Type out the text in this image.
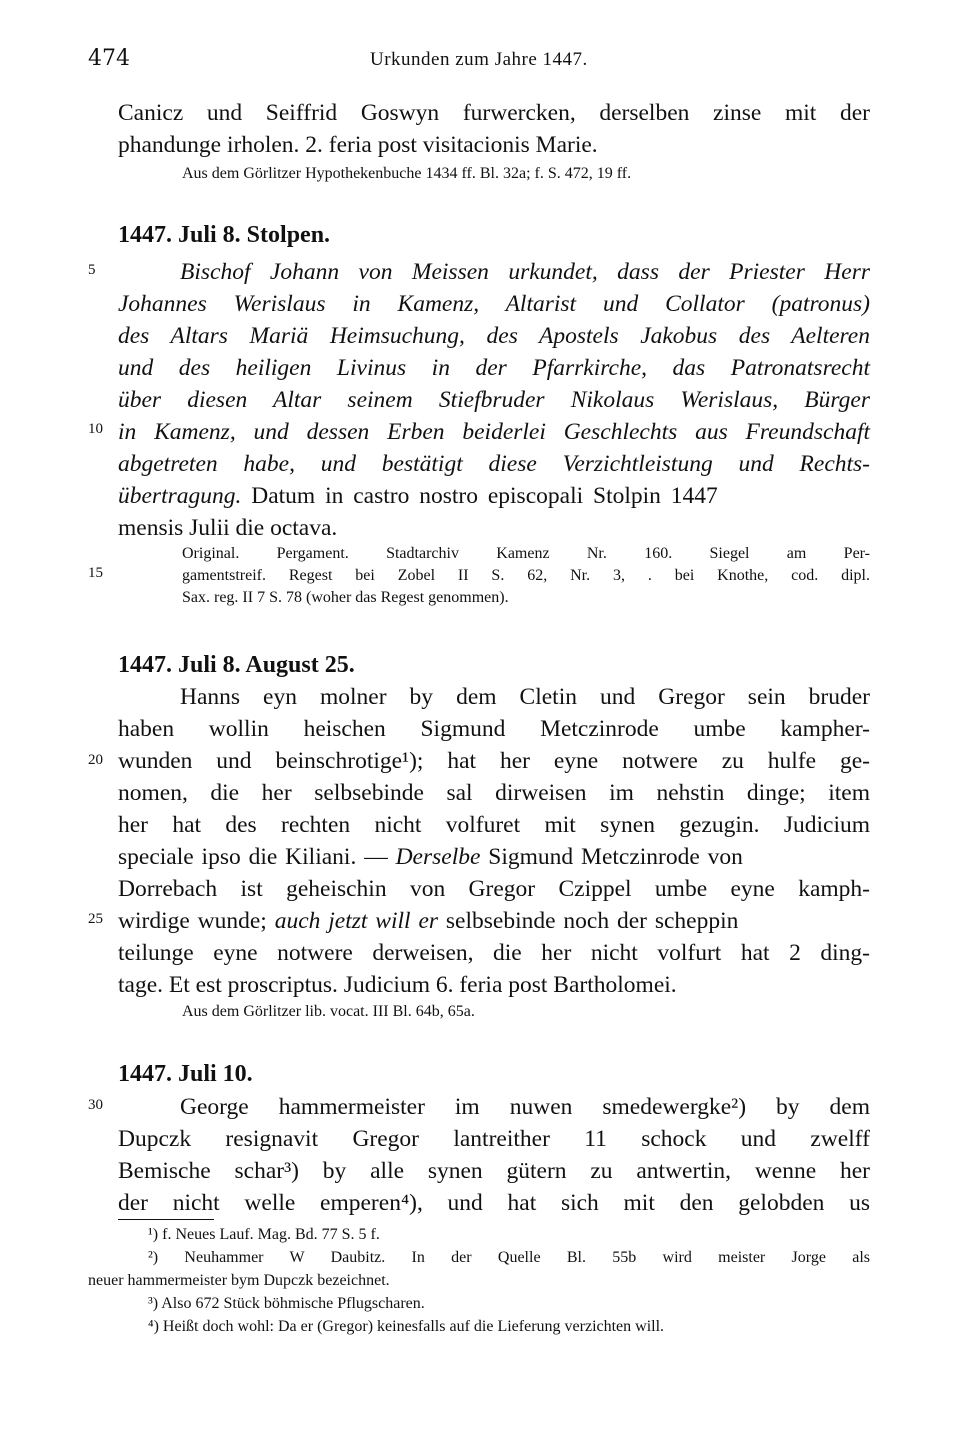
474	Urkunden zum Jahre 1447.
Canicz und Seiffrid Goswyn furwercken, derselben zinse mit der
phandunge irholen. 2. feria post visitacionis Marie.
Aus dem Görlitzer Hypothekenbuche 1434 ff. Bl. 32a; f. S. 472, 19 ff.
1447. Juli 8. Stolpen.
Bischof Johann von Meissen urkundet, dass der Priester Herr
Johannes Werislaus in Kamenz, Altarist und Collator (patronus)
des Altars Mariä Heimsuchung, des Apostels Jakobus des Aelteren
und des heiligen Livinus in der Pfarrkirche, das Patronatsrecht
über diesen Altar seinem Stiefbruder Nikolaus Werislaus, Bürger
in Kamenz, und dessen Erben beiderlei Geschlechts aus Freundschaft
abgetreten habe, und bestätigt diese Verzichtleistung und Rechts-
übertragung. Datum in castro nostro episcopali Stolpin 1447
mensis Julii die octava.
Original. Pergament. Stadtarchiv Kamenz Nr. 160. Siegel am Per-
gamentstreif. Regest bei Zobel II S. 62, Nr. 3, . bei Knothe, cod. dipl.
Sax. reg. II 7 S. 78 (woher das Regest genommen).
1447. Juli 8. August 25.
Hanns eyn molner by dem Cletin und Gregor sein bruder
haben wollin heischen Sigmund Metczinrode umbe kampher-
wunden und beinschrotige¹); hat her eyne notwere zu hulfe ge-
nomen, die her selbsebinde sal dirweisen im nehstin dinge; item
her hat des rechten nicht volfuret mit synen gezugin. Judicium
speciale ipso die Kiliani. — Derselbe Sigmund Metczinrode von
Dorrebach ist geheischin von Gregor Czippel umbe eyne kamph-
wirdige wunde; auch jetzt will er selbsebinde noch der scheppin
teilunge eyne notwere derweisen, die her nicht volfurt hat 2 ding-
tage. Et est proscriptus. Judicium 6. feria post Bartholomei.
Aus dem Görlitzer lib. vocat. III Bl. 64b, 65a.
1447. Juli 10.
George hammermeister im nuwen smedewergke²) by dem
Dupczk resignavit Gregor lantreither 11 schock und zwelff
Bemische schar³) by alle synen gütern zu antwertin, wenne her
der nicht welle emperen⁴), und hat sich mit den gelobden us
5
10
15
20
25
30
¹) f. Neues Lauf. Mag. Bd. 77 S. 5 f.
²) Neuhammer W Daubitz. In der Quelle Bl. 55b wird meister Jorge als
neuer hammermeister bym Dupczk bezeichnet.
³) Also 672 Stück böhmische Pflugscharen.
⁴) Heißt doch wohl: Da er (Gregor) keinesfalls auf die Lieferung verzichten will.
